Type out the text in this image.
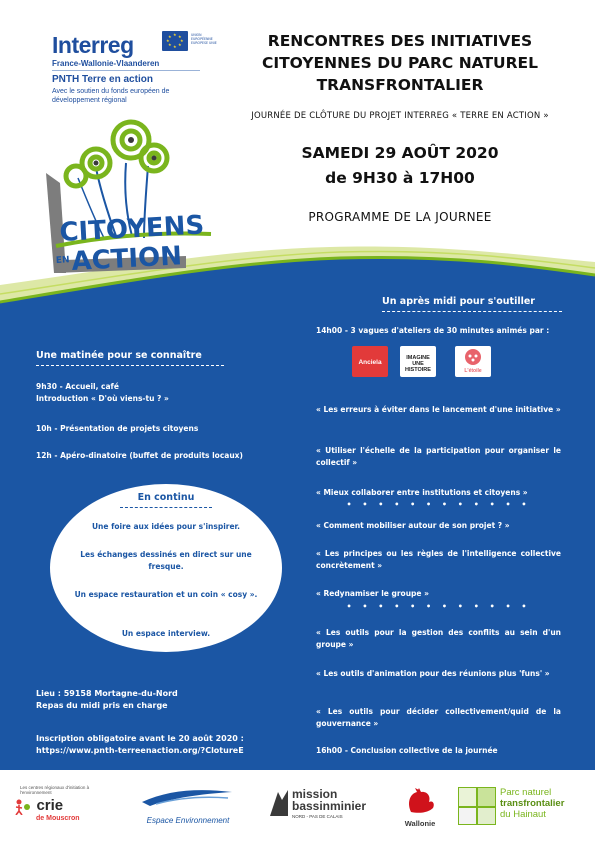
Interreg	★ ★
★
★
★
★
★
★	UNION EUROPÉENNE EUROPESE UNIE
France-Wallonie-Vlaanderen
PNTH Terre en action
Avec le soutien du fonds européen de développement régional
CITOYENS
EN ACTION
RENCONTRES DES INITIATIVES
CITOYENNES DU PARC NATUREL
TRANSFRONTALIER
JOURNÉE DE CLÔTURE DU PROJET INTERREG « TERRE EN ACTION »
SAMEDI 29 AOÛT 2020
de 9H30 à 17H00
PROGRAMME DE LA JOURNEE
Une matinée pour se connaître
9h30 - Accueil, café
Introduction « D'où viens-tu ? »
10h - Présentation de projets citoyens
12h - Apéro-dinatoire (buffet de produits locaux)
En continu
Une foire aux idées pour s'inspirer.
Les échanges dessinés en direct sur une fresque.
Un espace restauration et un coin « cosy ».
Un espace interview.
Lieu : 59158 Mortagne-du-Nord
Repas du midi pris en charge
Inscription obligatoire avant le 20 août 2020 :
https://www.pnth-terreenaction.org/?ClotureE
Un après midi pour s'outiller
14h00 - 3 vagues d'ateliers de 30 minutes animés par :
Anciela
IMAGINE UNE HISTOIRE	L'étoile
« Les erreurs à éviter dans le lancement d'une initiative »
« Utiliser l'échelle de la participation pour organiser le collectif »
« Mieux collaborer entre institutions et citoyens »
• • • • • • • • • • • •
« Comment mobiliser autour de son projet ? »
« Les principes ou les règles de l'intelligence collective concrètement »
« Redynamiser le groupe »
• • • • • • • • • • • •
« Les outils pour la gestion des conflits au sein d'un groupe »
« Les outils d'animation pour des réunions plus 'funs' »
« Les outils pour décider collectivement/quid de la gouvernance »
16h00 - Conclusion collective de la journée
Les centres régionaux d'initiation à l'environnement
crie
de Mouscron	Espace Environnement
mission
bassinminier
NORD - PAS DE CALAIS
Wallonie
Parc naturel
transfrontalier
du Hainaut
